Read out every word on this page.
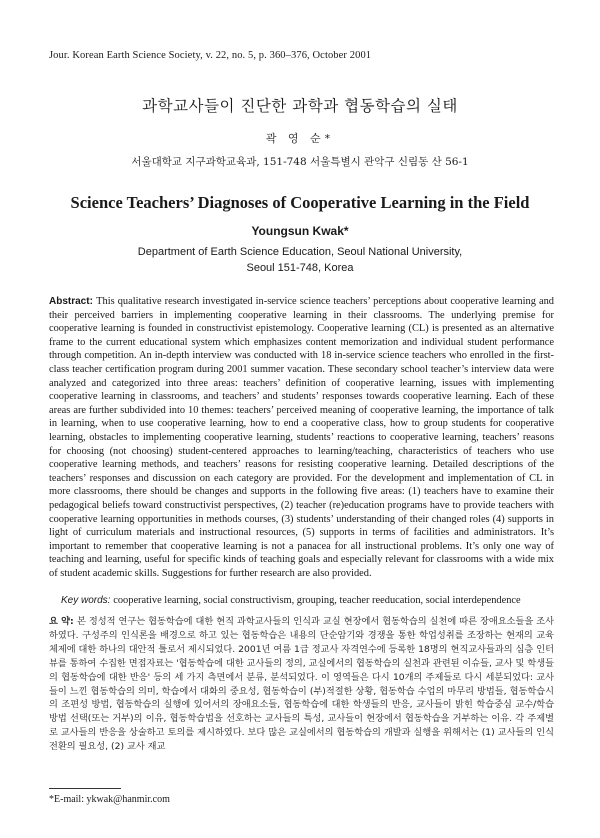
Jour. Korean Earth Science Society, v. 22, no. 5, p. 360–376, October 2001
과학교사들이 진단한 과학과 협동학습의 실태
곽 영 순*
서울대학교 지구과학교육과, 151-748 서울특별시 관악구 신림동 산 56-1
Science Teachers’ Diagnoses of Cooperative Learning in the Field
Youngsun Kwak*
Department of Earth Science Education, Seoul National University,
Seoul 151-748, Korea
Abstract: This qualitative research investigated in-service science teachers’ perceptions about cooperative learning and their perceived barriers in implementing cooperative learning in their classrooms. The underlying premise for cooperative learning is founded in constructivist epistemology. Cooperative learning (CL) is presented as an alternative frame to the current educational system which emphasizes content memorization and individual student performance through competition. An in-depth interview was conducted with 18 in-service science teachers who enrolled in the first-class teacher certification program during 2001 summer vacation. These secondary school teacher’s interview data were analyzed and categorized into three areas: teachers’ definition of cooperative learning, issues with implementing cooperative learning in classrooms, and teachers’ and students’ responses towards cooperative learning. Each of these areas are further subdivided into 10 themes: teachers’ perceived meaning of cooperative learning, the importance of talk in learning, when to use cooperative learning, how to end a cooperative class, how to group students for cooperative learning, obstacles to implementing cooperative learning, students’ reactions to cooperative learning, teachers’ reasons for choosing (not choosing) student-centered approaches to learning/teaching, characteristics of teachers who use cooperative learning methods, and teachers’ reasons for resisting cooperative learning. Detailed descriptions of the teachers’ responses and discussion on each category are provided. For the development and implementation of CL in more classrooms, there should be changes and supports in the following five areas: (1) teachers have to examine their pedagogical beliefs toward constructivist perspectives, (2) teacher (re)education programs have to provide teachers with cooperative learning opportunities in methods courses, (3) students’ understanding of their changed roles (4) supports in light of curriculum materials and instructional resources, (5) supports in terms of facilities and administrators. It’s important to remember that cooperative learning is not a panacea for all instructional problems. It’s only one way of teaching and learning, useful for specific kinds of teaching goals and especially relevant for classrooms with a wide mix of student academic skills. Suggestions for further research are also provided.
Key words: cooperative learning, social constructivism, grouping, teacher reeducation, social interdependence
요 약: 본 정성적 연구는 협동학습에 대한 현직 과학교사들의 인식과 교실 현장에서 협동학습의 실천에 따른 장애요소들을 조사하였다. 구성주의 인식론을 배경으로 하고 있는 협동학습은 내용의 단순암기와 경쟁을 통한 학업성취를 조장하는 현재의 교육체제에 대한 하나의 대안적 틀로서 제시되었다. 2001년 여름 1급 정교사 자격연수에 등록한 18명의 현직교사들과의 심층 인터뷰를 통하여 수집한 면접자료는 '협동학습에 대한 교사들의 정의, 교실에서의 협동학습의 실천과 관련된 이슈들, 교사 및 학생들의 협동학습에 대한 반응' 등의 세 가지 측면에서 분류, 분석되었다. 이 영역들은 다시 10개의 주제들로 다시 세분되었다: 교사들이 느낀 협동학습의 의미, 학습에서 대화의 중요성, 협동학습이 (부)적절한 상황, 협동학습 수업의 마무리 방법들, 협동학습시의 조편성 방법, 협동학습의 실행에 있어서의 장애요소들, 협동학습에 대한 학생들의 반응, 교사들이 밝힌 학습중심 교수/학습 방법 선택(또는 거부)의 이유, 협동학습법을 선호하는 교사들의 특성, 교사들이 현장에서 협동학습을 거부하는 이유. 각 주제별로 교사들의 반응을 상술하고 토의를 제시하였다. 보다 많은 교실에서의 협동학습의 개발과 실행을 위해서는 (1) 교사들의 인식 전환의 필요성, (2) 교사 재교
*E-mail: ykwak@hanmir.com
